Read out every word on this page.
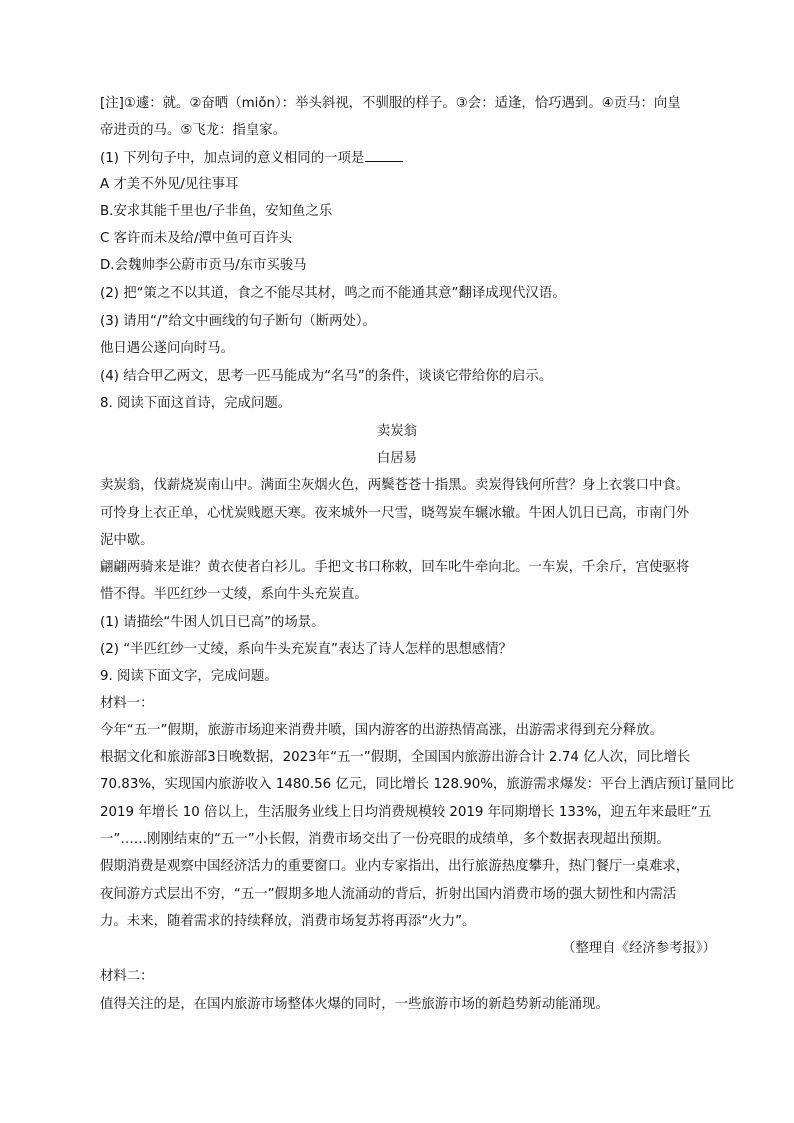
[注]①遽：就。②奋晒（miǒn）：举头斜视，不驯服的样子。③会：适逢，恰巧遇到。④贡马：向皇
帝进贡的马。⑤飞龙：指皇家。
(1) 下列句子中，加点词的意义相同的一项是
A 才美不外见/见往事耳
B.安求其能千里也/子非鱼，安知鱼之乐
C 客许而未及给/潭中鱼可百许头
D.会魏帅李公蔚市贡马/东市买骏马
(2) 把“策之不以其道，食之不能尽其材，鸣之而不能通其意”翻译成现代汉语。
(3) 请用“/”给文中画线的句子断句（断两处）。
他日遇公遂问向时马。
(4) 结合甲乙两文，思考一匹马能成为“名马”的条件，谈谈它带给你的启示。
8. 阅读下面这首诗，完成问题。
卖炭翁
白居易
卖炭翁，伐薪烧炭南山中。满面尘灰烟火色，两鬓苍苍十指黑。卖炭得钱何所营？身上衣裳口中食。
可怜身上衣正单，心忧炭贱愿天寒。夜来城外一尺雪，晓驾炭车辗冰辙。牛困人饥日已高，市南门外
泥中歇。
翩翩两骑来是谁？黄衣使者白衫儿。手把文书口称敕，回车叱牛牵向北。一车炭，千余斤，宫使驱将
惜不得。半匹红纱一丈绫，系向牛头充炭直。
(1) 请描绘“牛困人饥日已高”的场景。
(2) “半匹红纱一丈绫，系向牛头充炭直”表达了诗人怎样的思想感情？
9. 阅读下面文字，完成问题。
材料一：
今年“五一”假期，旅游市场迎来消费井喷，国内游客的出游热情高涨，出游需求得到充分释放。
根据文化和旅游部3日晚数据，2023年“五一”假期，全国国内旅游出游合计 2.74 亿人次，同比增长
70.83%，实现国内旅游收入 1480.56 亿元，同比增长 128.90%，旅游需求爆发：平台上酒店预订量同比
2019 年增长 10 倍以上，生活服务业线上日均消费规模较 2019 年同期增长 133%，迎五年来最旺“五
一”……刚刚结束的“五一”小长假，消费市场交出了一份亮眼的成绩单，多个数据表现超出预期。
假期消费是观察中国经济活力的重要窗口。业内专家指出，出行旅游热度攀升，热门餐厅一桌难求，
夜间游方式层出不穷，“五一”假期多地人流涌动的背后，折射出国内消费市场的强大韧性和内需活
力。未来，随着需求的持续释放，消费市场复苏将再添“火力”。
（整理自《经济参考报》）
材料二：
值得关注的是，在国内旅游市场整体火爆的同时，一些旅游市场的新趋势新动能涌现。
